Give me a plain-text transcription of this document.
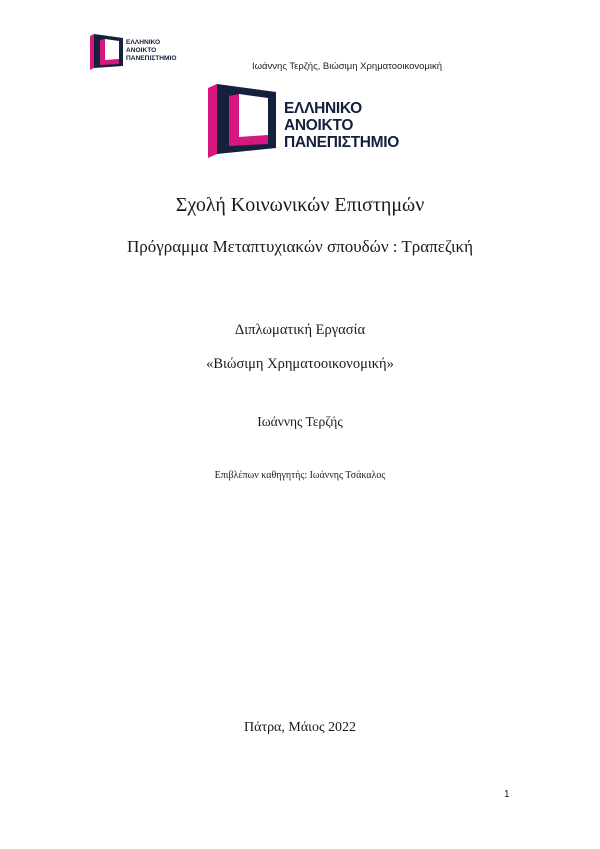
ΕΛΛΗΝΙΚΟ
ΑΝΟΙΚΤΟ
ΠΑΝΕΠΙΣΤΗΜΙΟ
Ιωάννης Τερζής, Βιώσιμη Χρηματοοικονομική
ΕΛΛΗΝΙΚΟ
ΑΝΟΙΚΤΟ
ΠΑΝΕΠΙΣΤΗΜΙΟ
Σχολή Κοινωνικών Επιστημών
Πρόγραμμα Μεταπτυχιακών σπουδών : Τραπεζική
Διπλωματική Εργασία
«Βιώσιμη Χρηματοοικονομική»
Ιωάννης Τερζής
Επιβλέπων καθηγητής: Ιωάννης Τσάκαλος
Πάτρα, Μάιος 2022
1
